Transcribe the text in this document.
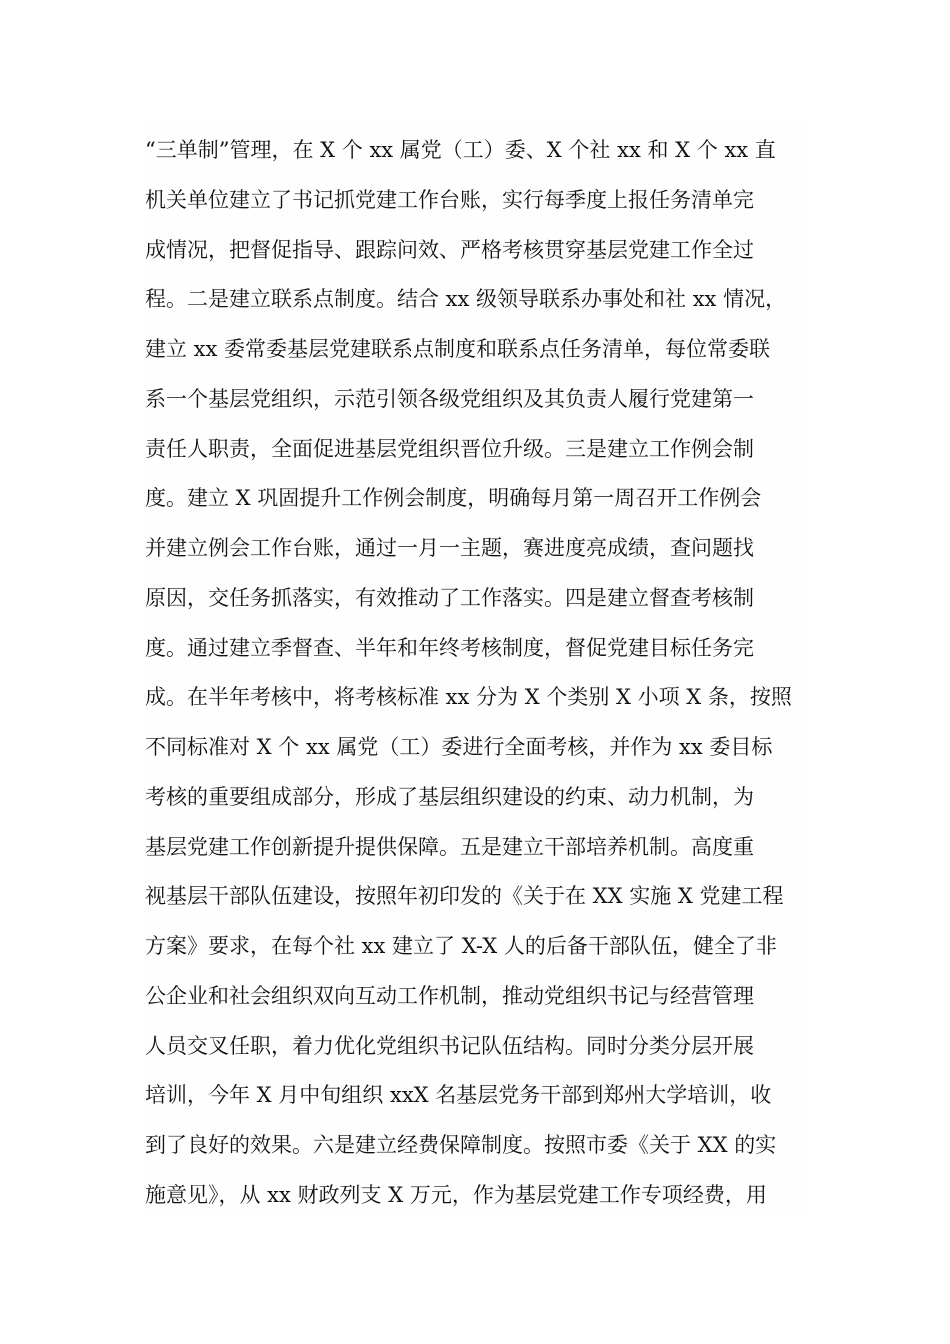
“三单制”管理，在 X 个 xx 属党（工）委、X 个社 xx 和 X 个 xx 直
机关单位建立了书记抓党建工作台账，实行每季度上报任务清单完
成情况，把督促指导、跟踪问效、严格考核贯穿基层党建工作全过
程。二是建立联系点制度。结合 xx 级领导联系办事处和社 xx 情况，
建立 xx 委常委基层党建联系点制度和联系点任务清单，每位常委联
系一个基层党组织，示范引领各级党组织及其负责人履行党建第一
责任人职责，全面促进基层党组织晋位升级。三是建立工作例会制
度。建立 X 巩固提升工作例会制度，明确每月第一周召开工作例会
并建立例会工作台账，通过一月一主题，赛进度亮成绩，查问题找
原因，交任务抓落实，有效推动了工作落实。四是建立督查考核制
度。通过建立季督查、半年和年终考核制度，督促党建目标任务完
成。在半年考核中，将考核标准 xx 分为 X 个类别 X 小项 X 条，按照
不同标准对 X 个 xx 属党（工）委进行全面考核，并作为 xx 委目标
考核的重要组成部分，形成了基层组织建设的约束、动力机制，为
基层党建工作创新提升提供保障。五是建立干部培养机制。高度重
视基层干部队伍建设，按照年初印发的《关于在 XX 实施 X 党建工程
方案》要求，在每个社 xx 建立了 X-X 人的后备干部队伍，健全了非
公企业和社会组织双向互动工作机制，推动党组织书记与经营管理
人员交叉任职，着力优化党组织书记队伍结构。同时分类分层开展
培训，今年 X 月中旬组织 xxX 名基层党务干部到郑州大学培训，收
到了良好的效果。六是建立经费保障制度。按照市委《关于 XX 的实
施意见》，从 xx 财政列支 X 万元，作为基层党建工作专项经费，用
